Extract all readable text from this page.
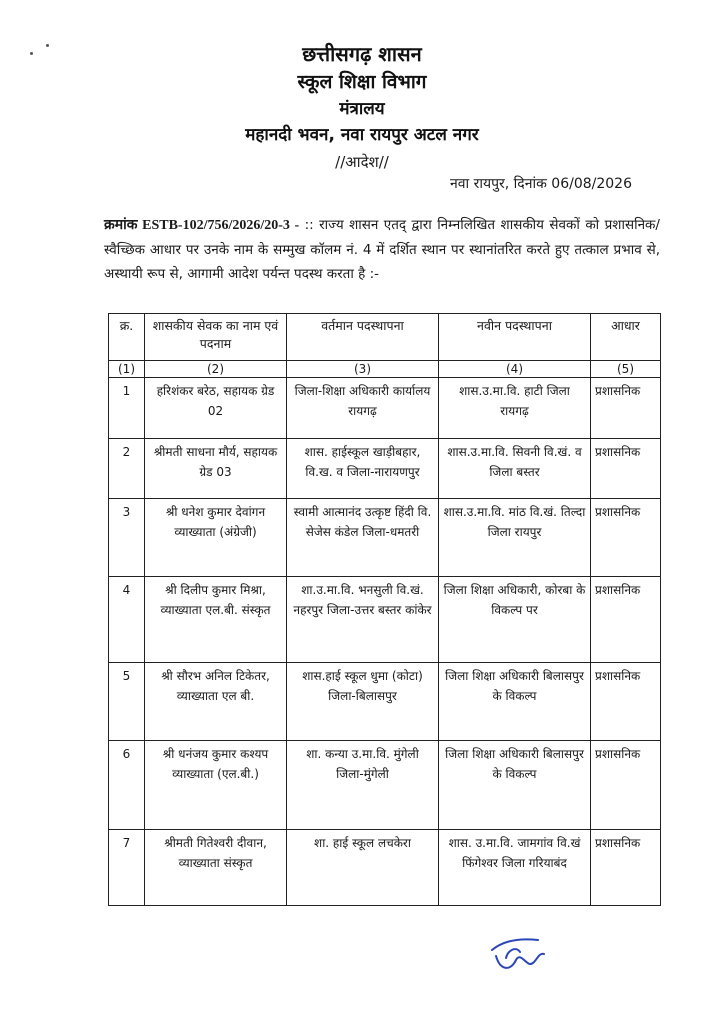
छत्तीसगढ़ शासन
स्कूल शिक्षा विभाग
मंत्रालय
महानदी भवन, नवा रायपुर अटल नगर
//आदेश//
नवा रायपुर, दिनांक 06/08/2026
क्रमांक ESTB-102/756/2026/20-3 - :: राज्य शासन एतद् द्वारा निम्नलिखित शासकीय सेवकों को प्रशासनिक/स्वैच्छिक आधार पर उनके नाम के सम्मुख कॉलम नं. 4 में दर्शित स्थान पर स्थानांतरित करते हुए तत्काल प्रभाव से, अस्थायी रूप से, आगामी आदेश पर्यन्त पदस्थ करता है :-
क्र.	शासकीय सेवक का नाम एवं पदनाम	वर्तमान पदस्थापना	नवीन पदस्थापना	आधार
(1)	(2)	(3)	(4)	(5)
1	हरिशंकर बरेठ, सहायक ग्रेड 02	जिला-शिक्षा अधिकारी कार्यालय रायगढ़	शास.उ.मा.वि. हाटी जिला रायगढ़	प्रशासनिक
2	श्रीमती साधना मौर्य, सहायक ग्रेड 03	शास. हाईस्कूल खाड़ीबहार, वि.ख. व जिला-नारायणपुर	शास.उ.मा.वि. सिवनी वि.खं. व जिला बस्तर	प्रशासनिक
3	श्री धनेश कुमार देवांगन व्याख्याता (अंग्रेजी)	स्वामी आत्मानंद उत्कृष्ट हिंदी वि. सेजेस कंडेल जिला-धमतरी	शास.उ.मा.वि. मांठ वि.खं. तिल्दा जिला रायपुर	प्रशासनिक
4	श्री दिलीप कुमार मिश्रा, व्याख्याता एल.बी. संस्कृत	शा.उ.मा.वि. भनसुली वि.खं. नहरपुर जिला-उत्तर बस्तर कांकेर	जिला शिक्षा अधिकारी, कोरबा के विकल्प पर	प्रशासनिक
5	श्री सौरभ अनिल टिकेतर, व्याख्याता एल बी.	शास.हाई स्कूल धुमा (कोटा) जिला-बिलासपुर	जिला शिक्षा अधिकारी बिलासपुर के विकल्प	प्रशासनिक
6	श्री धनंजय कुमार कश्यप व्याख्याता (एल.बी.)	शा. कन्या उ.मा.वि. मुंगेली जिला-मुंगेली	जिला शिक्षा अधिकारी बिलासपुर के विकल्प	प्रशासनिक
7	श्रीमती गितेश्वरी दीवान, व्याख्याता संस्कृत	शा. हाई स्कूल लचकेरा	शास. उ.मा.वि. जामगांव वि.खं फिंगेश्वर जिला गरियाबंद	प्रशासनिक
